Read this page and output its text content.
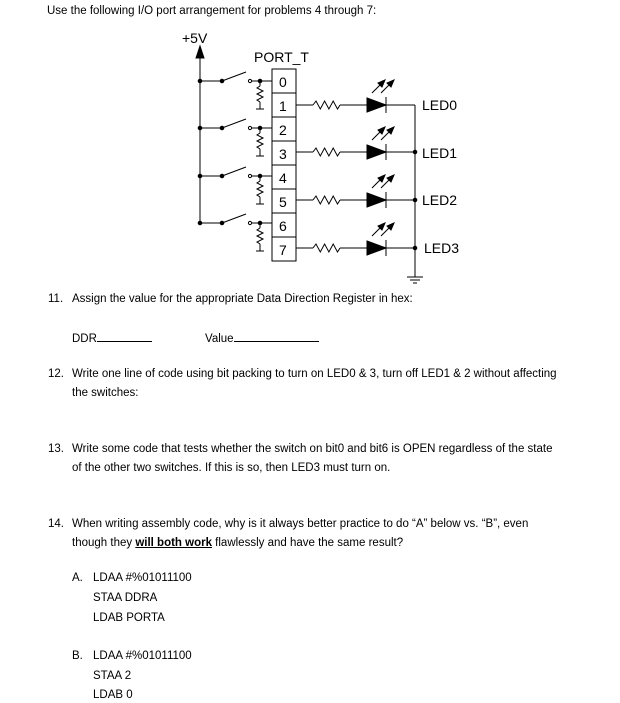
Use the following I/O port arrangement for problems 4 through 7:
+5V
PORT_T
0
1
2
3
4
5
6
7
LED0
LED1
LED2
LED3
11. Assign the value for the appropriate Data Direction Register in hex:
DDR	Value
12. Write one line of code using bit packing to turn on LED0 & 3, turn off LED1 & 2 without affecting
the switches:
13. Write some code that tests whether the switch on bit0 and bit6 is OPEN regardless of the state
of the other two switches. If this is so, then LED3 must turn on.
14. When writing assembly code, why is it always better practice to do “A” below vs. “B”, even
though they will both work flawlessly and have the same result?
A. LDAA #%01011100
STAA DDRA
LDAB PORTA
B. LDAA #%01011100
STAA 2
LDAB 0
